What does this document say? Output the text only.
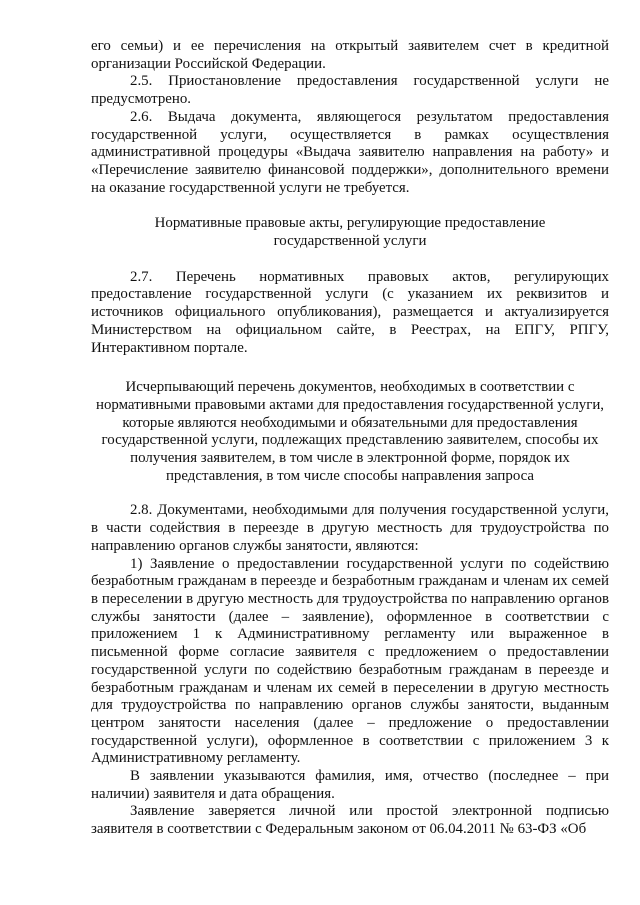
его семьи) и ее перечисления на открытый заявителем счет в кредитной организации Российской Федерации.

2.5. Приостановление предоставления государственной услуги не предусмотрено.

2.6. Выдача документа, являющегося результатом предоставления государственной услуги, осуществляется в рамках осуществления административной процедуры «Выдача заявителю направления на работу» и «Перечисление заявителю финансовой поддержки», дополнительного времени на оказание государственной услуги не требуется.

Нормативные правовые акты, регулирующие предоставление

государственной услуги

2.7. Перечень нормативных правовых актов, регулирующих предоставление государственной услуги (с указанием их реквизитов и источников официального опубликования), размещается и актуализируется Министерством на официальном сайте, в Реестрах, на ЕПГУ, РПГУ, Интерактивном портале.

Исчерпывающий перечень документов, необходимых в соответствии с

нормативными правовыми актами для предоставления государственной услуги,

которые являются необходимыми и обязательными для предоставления

государственной услуги, подлежащих представлению заявителем, способы их

получения заявителем, в том числе в электронной форме, порядок их

представления, в том числе способы направления запроса

2.8. Документами, необходимыми для получения государственной услуги, в части содействия в переезде в другую местность для трудоустройства по направлению органов службы занятости, являются:

1) Заявление о предоставлении государственной услуги по содействию безработным гражданам в переезде и безработным гражданам и членам их семей в переселении в другую местность для трудоустройства по направлению органов службы занятости (далее – заявление), оформленное в соответствии с приложением 1 к Административному регламенту или выраженное в письменной форме согласие заявителя с предложением о предоставлении государственной услуги по содействию безработным гражданам в переезде и безработным гражданам и членам их семей в переселении в другую местность для трудоустройства по направлению органов службы занятости, выданным центром занятости населения (далее – предложение о предоставлении государственной услуги), оформленное в соответствии с приложением 3 к Административному регламенту.

В заявлении указываются фамилия, имя, отчество (последнее – при наличии) заявителя и дата обращения.

Заявление заверяется личной или простой электронной подписью заявителя в соответствии с Федеральным законом от 06.04.2011 № 63-ФЗ «Об
